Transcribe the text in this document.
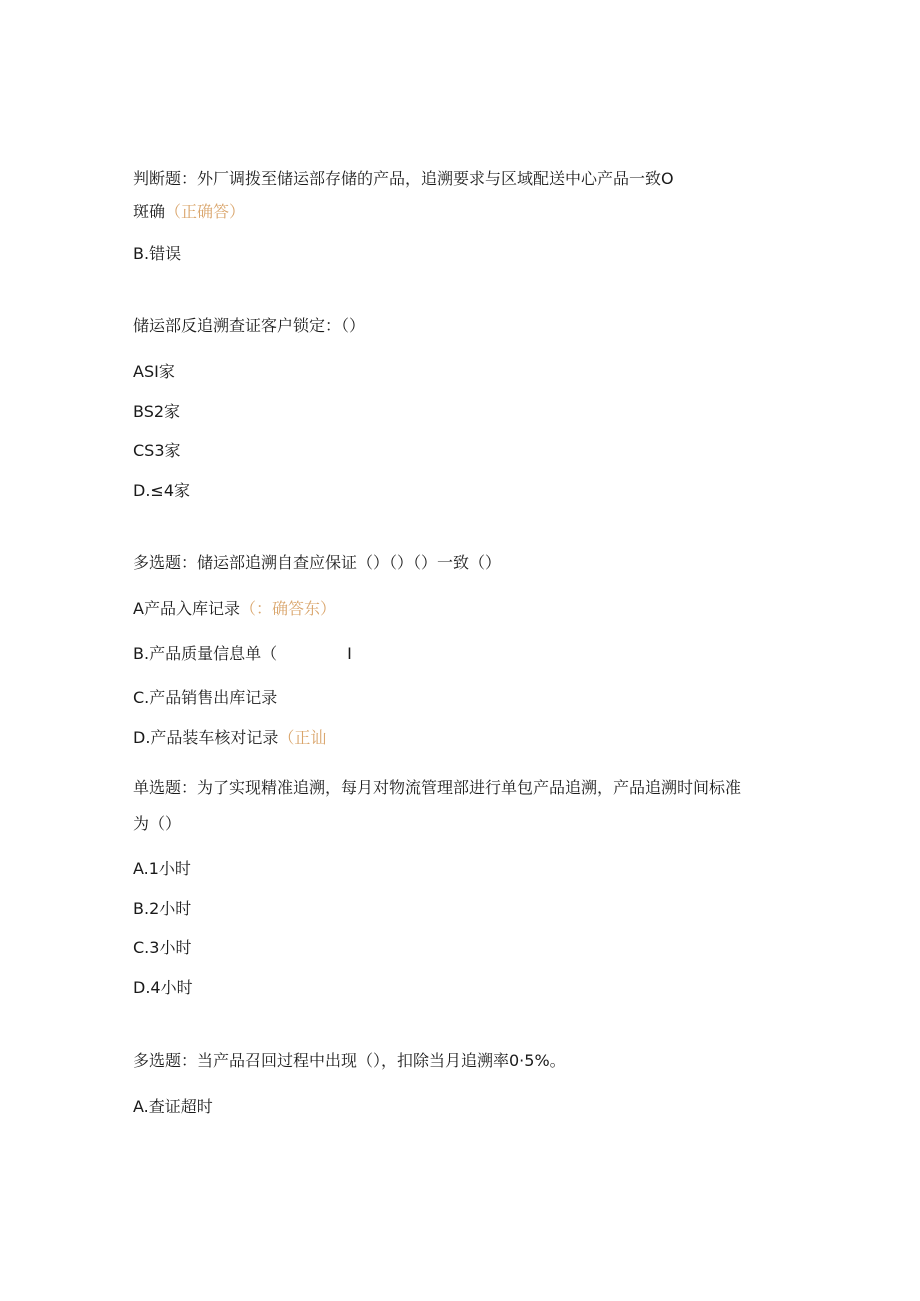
判断题：外厂调拨至储运部存储的产品，追溯要求与区域配送中心产品一致O
斑确（正确答）
B.错误
储运部反追溯查证客户锁定：（）
ASI家
BS2家
CS3家
D.≤4家
多选题：储运部追溯自查应保证（）（）（）一致（）
A产品入库记录（：确答东）
B.产品质量信息单（	I
C.产品销售出库记录
D.产品装车核对记录（正讪
单选题：为了实现精准追溯，每月对物流管理部进行单包产品追溯，产品追溯时间标准
为（）
A.1小时
B.2小时
C.3小时
D.4小时
多选题：当产品召回过程中出现（），扣除当月追溯率0·5%。
A.查证超时
